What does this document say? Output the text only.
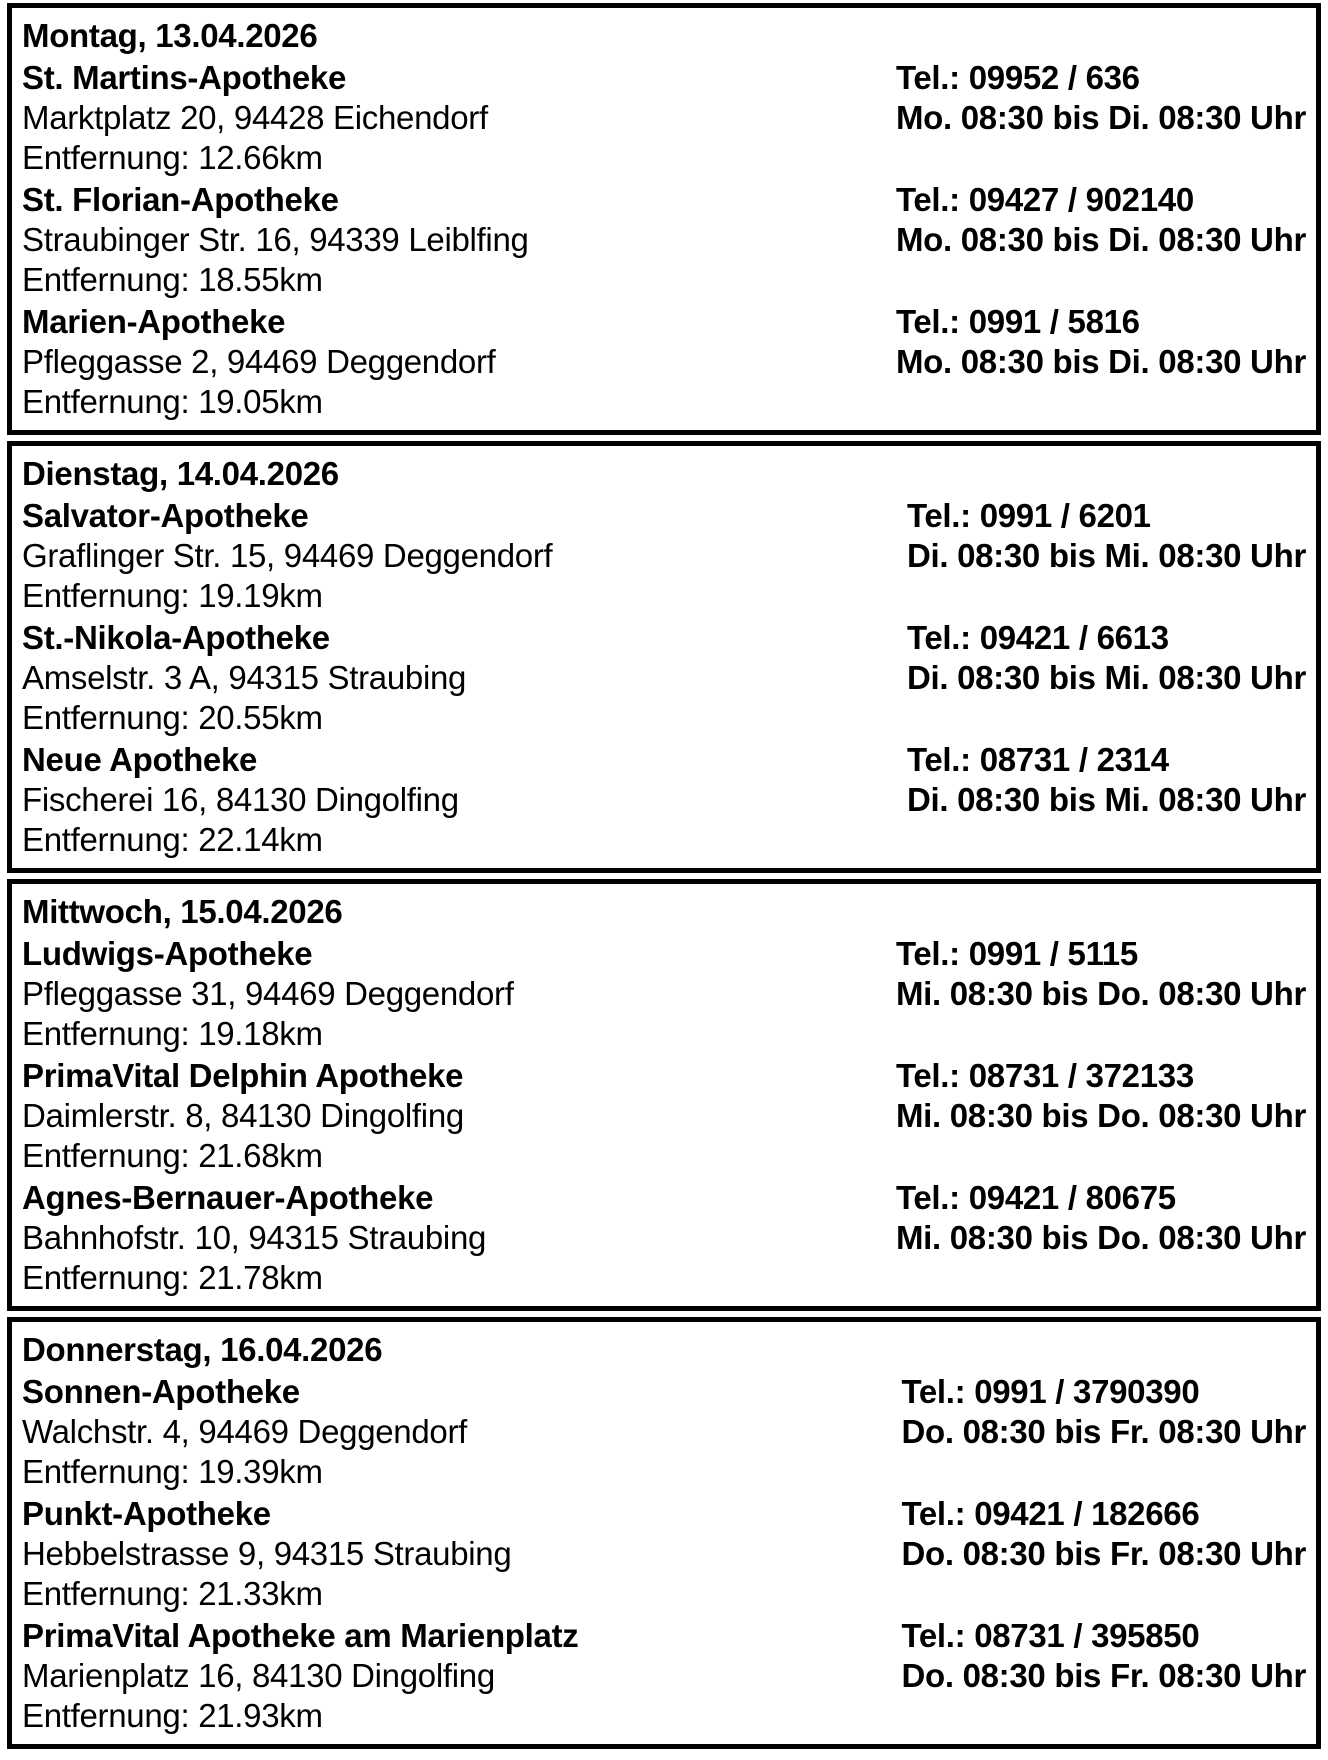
Montag, 13.04.2026
St. Martins-Apotheke
Marktplatz 20, 94428 Eichendorf
Entfernung: 12.66km
Tel.: 09952 / 636
Mo. 08:30 bis Di. 08:30 Uhr
St. Florian-Apotheke
Straubinger Str. 16, 94339 Leiblfing
Entfernung: 18.55km
Tel.: 09427 / 902140
Mo. 08:30 bis Di. 08:30 Uhr
Marien-Apotheke
Pfleggasse 2, 94469 Deggendorf
Entfernung: 19.05km
Tel.: 0991 / 5816
Mo. 08:30 bis Di. 08:30 Uhr
Dienstag, 14.04.2026
Salvator-Apotheke
Graflinger Str. 15, 94469 Deggendorf
Entfernung: 19.19km
Tel.: 0991 / 6201
Di. 08:30 bis Mi. 08:30 Uhr
St.-Nikola-Apotheke
Amselstr. 3 A, 94315 Straubing
Entfernung: 20.55km
Tel.: 09421 / 6613
Di. 08:30 bis Mi. 08:30 Uhr
Neue Apotheke
Fischerei 16, 84130 Dingolfing
Entfernung: 22.14km
Tel.: 08731 / 2314
Di. 08:30 bis Mi. 08:30 Uhr
Mittwoch, 15.04.2026
Ludwigs-Apotheke
Pfleggasse 31, 94469 Deggendorf
Entfernung: 19.18km
Tel.: 0991 / 5115
Mi. 08:30 bis Do. 08:30 Uhr
PrimaVital Delphin Apotheke
Daimlerstr. 8, 84130 Dingolfing
Entfernung: 21.68km
Tel.: 08731 / 372133
Mi. 08:30 bis Do. 08:30 Uhr
Agnes-Bernauer-Apotheke
Bahnhofstr. 10, 94315 Straubing
Entfernung: 21.78km
Tel.: 09421 / 80675
Mi. 08:30 bis Do. 08:30 Uhr
Donnerstag, 16.04.2026
Sonnen-Apotheke
Walchstr. 4, 94469 Deggendorf
Entfernung: 19.39km
Tel.: 0991 / 3790390
Do. 08:30 bis Fr. 08:30 Uhr
Punkt-Apotheke
Hebbelstrasse 9, 94315 Straubing
Entfernung: 21.33km
Tel.: 09421 / 182666
Do. 08:30 bis Fr. 08:30 Uhr
PrimaVital Apotheke am Marienplatz
Marienplatz 16, 84130 Dingolfing
Entfernung: 21.93km
Tel.: 08731 / 395850
Do. 08:30 bis Fr. 08:30 Uhr
